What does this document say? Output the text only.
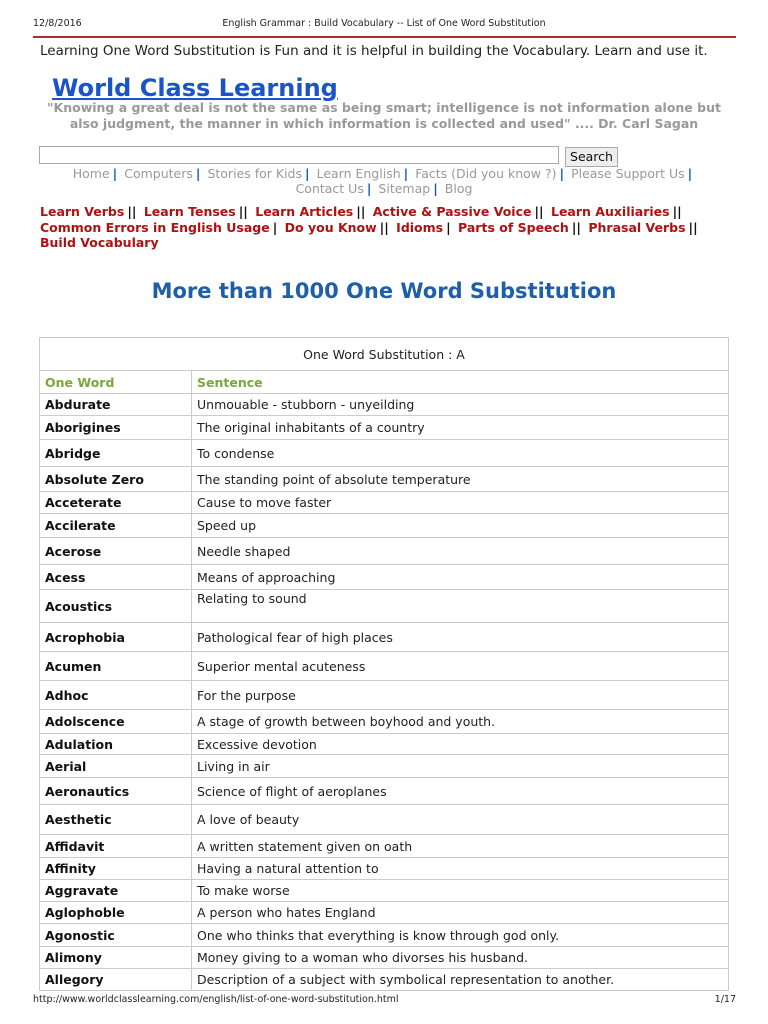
12/8/2016	English Grammar : Build Vocabulary -- List of One Word Substitution
Learning One Word Substitution is Fun and it is helpful in building the Vocabulary. Learn and use it.
World Class Learning
"Knowing a great deal is not the same as being smart; intelligence is not information alone but also judgment, the manner in which information is collected and used" .... Dr. Carl Sagan
Search
Home | Computers | Stories for Kids | Learn English | Facts (Did you know ?) | Please Support Us |
Contact Us | Sitemap | Blog
Learn Verbs || Learn Tenses || Learn Articles || Active & Passive Voice || Learn Auxiliaries ||
Common Errors in English Usage | Do you Know || Idioms | Parts of Speech || Phrasal Verbs || Build Vocabulary
More than 1000 One Word Substitution
One Word Substitution : A	
One Word	Sentence
Abdurate	Unmouable - stubborn - unyeilding
Aborigines	The original inhabitants of a country
Abridge	To condense
Absolute Zero	The standing point of absolute temperature
Acceterate	Cause to move faster
Accilerate	Speed up
Acerose	Needle shaped
Acess	Means of approaching
Acoustics	Relating to sound
Acrophobia	Pathological fear of high places
Acumen	Superior mental acuteness
Adhoc	For the purpose
Adolscence	A stage of growth between boyhood and youth.
Adulation	Excessive devotion
Aerial	Living in air
Aeronautics	Science of flight of aeroplanes
Aesthetic	A love of beauty
Affidavit	A written statement given on oath
Affinity	Having a natural attention to
Aggravate	To make worse
Aglophoble	A person who hates England
Agonostic	One who thinks that everything is know through god only.
Alimony	Money giving to a woman who divorses his husband.
Allegory	Description of a subject with symbolical representation to another.
http://www.worldclasslearning.com/english/list-of-one-word-substitution.html	1/17
